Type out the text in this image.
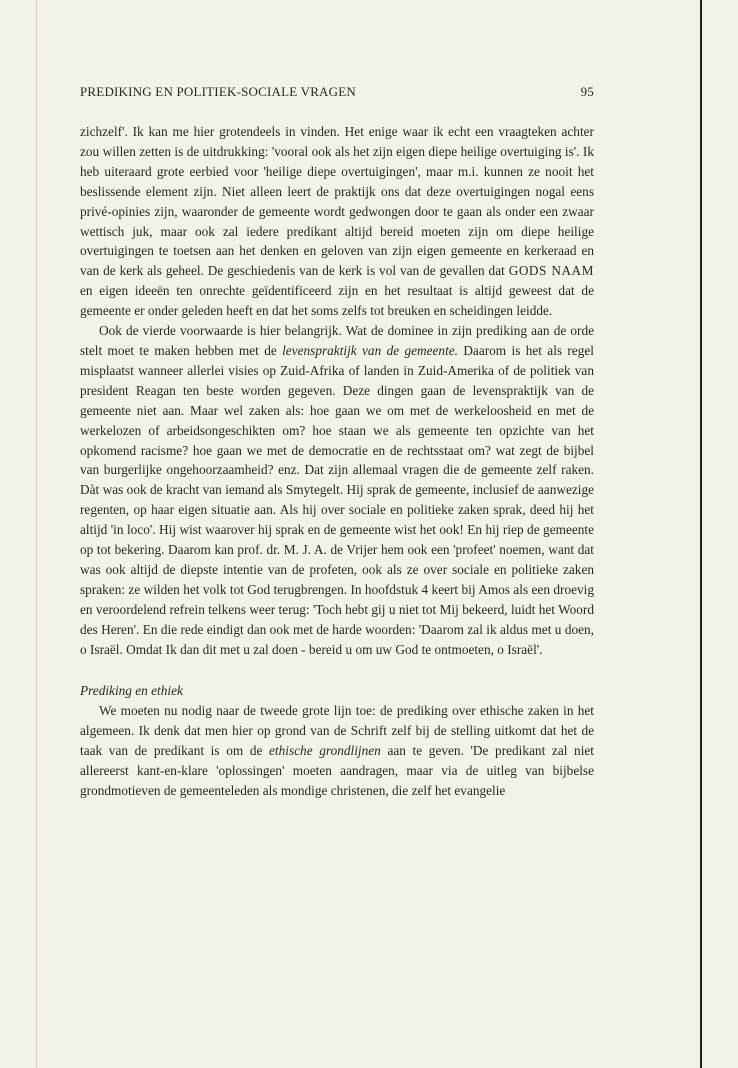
PREDIKING EN POLITIEK-SOCIALE VRAGEN	95

zichzelf'. Ik kan me hier grotendeels in vinden. Het enige waar ik echt een vraagteken achter zou willen zetten is de uitdrukking: 'vooral ook als het zijn eigen diepe heilige overtuiging is'. Ik heb uiteraard grote eerbied voor 'heilige diepe overtuigingen', maar m.i. kunnen ze nooit het beslissende element zijn. Niet alleen leert de praktijk ons dat deze overtuigingen nogal eens privé-opinies zijn, waaronder de gemeente wordt gedwongen door te gaan als onder een zwaar wettisch juk, maar ook zal iedere predikant altijd bereid moeten zijn om diepe heilige overtuigingen te toetsen aan het denken en geloven van zijn eigen gemeente en kerkeraad en van de kerk als geheel. De geschiedenis van de kerk is vol van de gevallen dat GODS NAAM en eigen ideeën ten onrechte geïdentificeerd zijn en het resultaat is altijd geweest dat de gemeente er onder geleden heeft en dat het soms zelfs tot breuken en scheidingen leidde.

Ook de vierde voorwaarde is hier belangrijk. Wat de dominee in zijn prediking aan de orde stelt moet te maken hebben met de levenspraktijk van de gemeente. Daarom is het als regel misplaatst wanneer allerlei visies op Zuid-Afrika of landen in Zuid-Amerika of de politiek van president Reagan ten beste worden gegeven. Deze dingen gaan de levenspraktijk van de gemeente niet aan. Maar wel zaken als: hoe gaan we om met de werkeloosheid en met de werkelozen of arbeidsongeschikten om? hoe staan we als gemeente ten opzichte van het opkomend racisme? hoe gaan we met de democratie en de rechtsstaat om? wat zegt de bijbel van burgerlijke ongehoorzaamheid? enz. Dat zijn allemaal vragen die de gemeente zelf raken. Dàt was ook de kracht van iemand als Smytegelt. Hij sprak de gemeente, inclusief de aanwezige regenten, op haar eigen situatie aan. Als hij over sociale en politieke zaken sprak, deed hij het altijd 'in loco'. Hij wist waarover hij sprak en de gemeente wist het ook! En hij riep de gemeente op tot bekering. Daarom kan prof. dr. M. J. A. de Vrijer hem ook een 'profeet' noemen, want dat was ook altijd de diepste intentie van de profeten, ook als ze over sociale en politieke zaken spraken: ze wilden het volk tot God terugbrengen. In hoofdstuk 4 keert bij Amos als een droevig en veroordelend refrein telkens weer terug: 'Toch hebt gij u niet tot Mij bekeerd, luidt het Woord des Heren'. En die rede eindigt dan ook met de harde woorden: 'Daarom zal ik aldus met u doen, o Israël. Omdat Ik dan dit met u zal doen - bereid u om uw God te ontmoeten, o Israël'.

Prediking en ethiek

We moeten nu nodig naar de tweede grote lijn toe: de prediking over ethische zaken in het algemeen. Ik denk dat men hier op grond van de Schrift zelf bij de stelling uitkomt dat het de taak van de predikant is om de ethische grondlijnen aan te geven. 'De predikant zal niet allereerst kant-en-klare 'oplossingen' moeten aandragen, maar via de uitleg van bijbelse grondmotieven de gemeenteleden als mondige christenen, die zelf het evangelie
